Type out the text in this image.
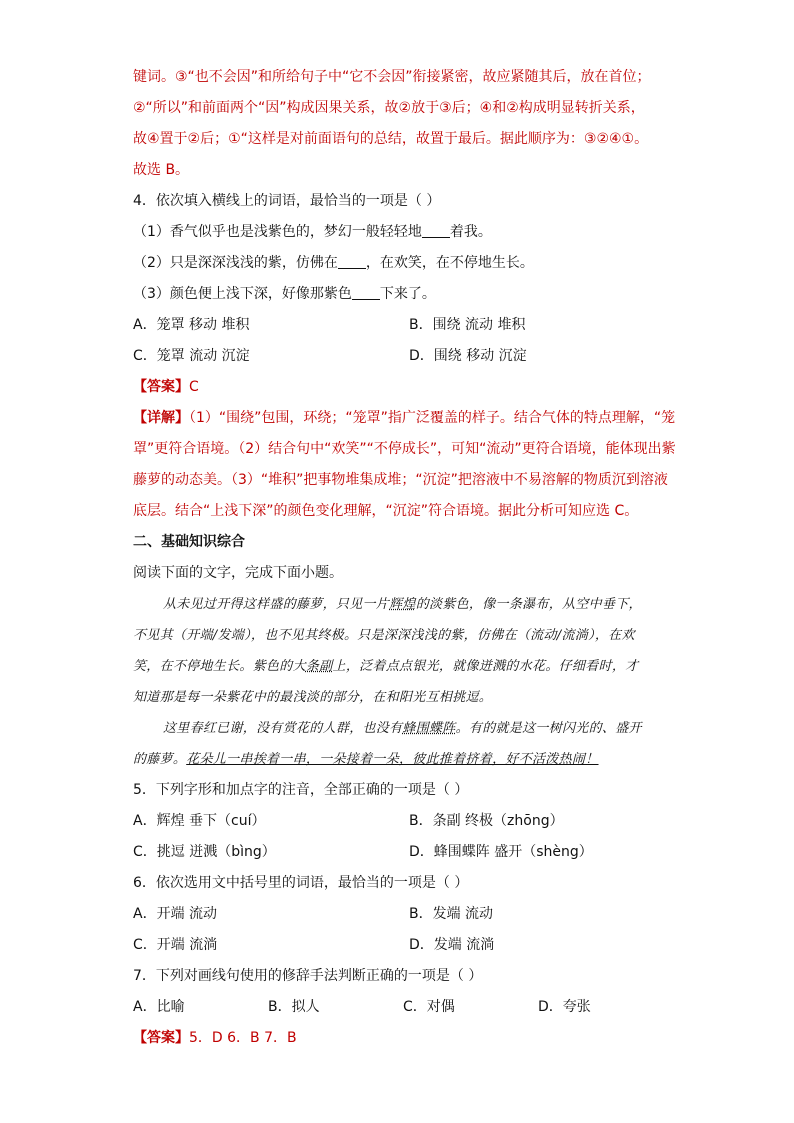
键词。③“也不会因”和所给句子中“它不会因”衔接紧密，故应紧随其后，放在首位；
②“所以”和前面两个“因”构成因果关系，故②放于③后；④和②构成明显转折关系，
故④置于②后；①“这样是对前面语句的总结，故置于最后。据此顺序为：③②④①。
故选 B。
4．依次填入横线上的词语，最恰当的一项是（ ）
（1）香气似乎也是浅紫色的，梦幻一般轻轻地 着我。
（2）只是深深浅浅的紫，仿佛在 ，在欢笑，在不停地生长。
（3）颜色便上浅下深，好像那紫色 下来了。
A．笼罩 移动 堆积	B．围绕 流动 堆积
C．笼罩 流动 沉淀	D．围绕 移动 沉淀
【答案】C
【详解】（1）“围绕”包围，环绕；“笼罩”指广泛覆盖的样子。结合气体的特点理解，“笼
罩”更符合语境。（2）结合句中“欢笑”“不停成长”，可知“流动”更符合语境，能体现出紫
藤萝的动态美。（3）“堆积”把事物堆集成堆；“沉淀”把溶液中不易溶解的物质沉到溶液
底层。结合“上浅下深”的颜色变化理解，“沉淀”符合语境。据此分析可知应选 C。
二、基础知识综合
阅读下面的文字，完成下面小题。
从未见过开得这样盛的藤萝，只见一片辉煌的淡紫色，像一条瀑布，从空中垂下，
不见其（开端/发端），也不见其终极。只是深深浅浅的紫，仿佛在（流动/流淌），在欢
笑，在不停地生长。紫色的大条副上，泛着点点银光，就像迸溅的水花。仔细看时，才
知道那是每一朵紫花中的最浅淡的部分，在和阳光互相挑逗。
这里春红已谢，没有赏花的人群，也没有蜂围蝶阵。有的就是这一树闪光的、盛开
的藤萝。花朵儿一串挨着一串，一朵接着一朵，彼此推着挤着，好不活泼热闹！
5．下列字形和加点字的注音，全部正确的一项是（ ）
A．辉煌 垂下（cuí）	B．条副 终极（zhōng）
C．挑逗 迸溅（bìng）	D．蜂围蝶阵 盛开（shèng）
6．依次选用文中括号里的词语，最恰当的一项是（ ）
A．开端 流动	B．发端 流动
C．开端 流淌	D．发端 流淌
7．下列对画线句使用的修辞手法判断正确的一项是（ ）
A．比喻	B．拟人	C．对偶	D．夸张
【答案】5．D 6．B 7．B
